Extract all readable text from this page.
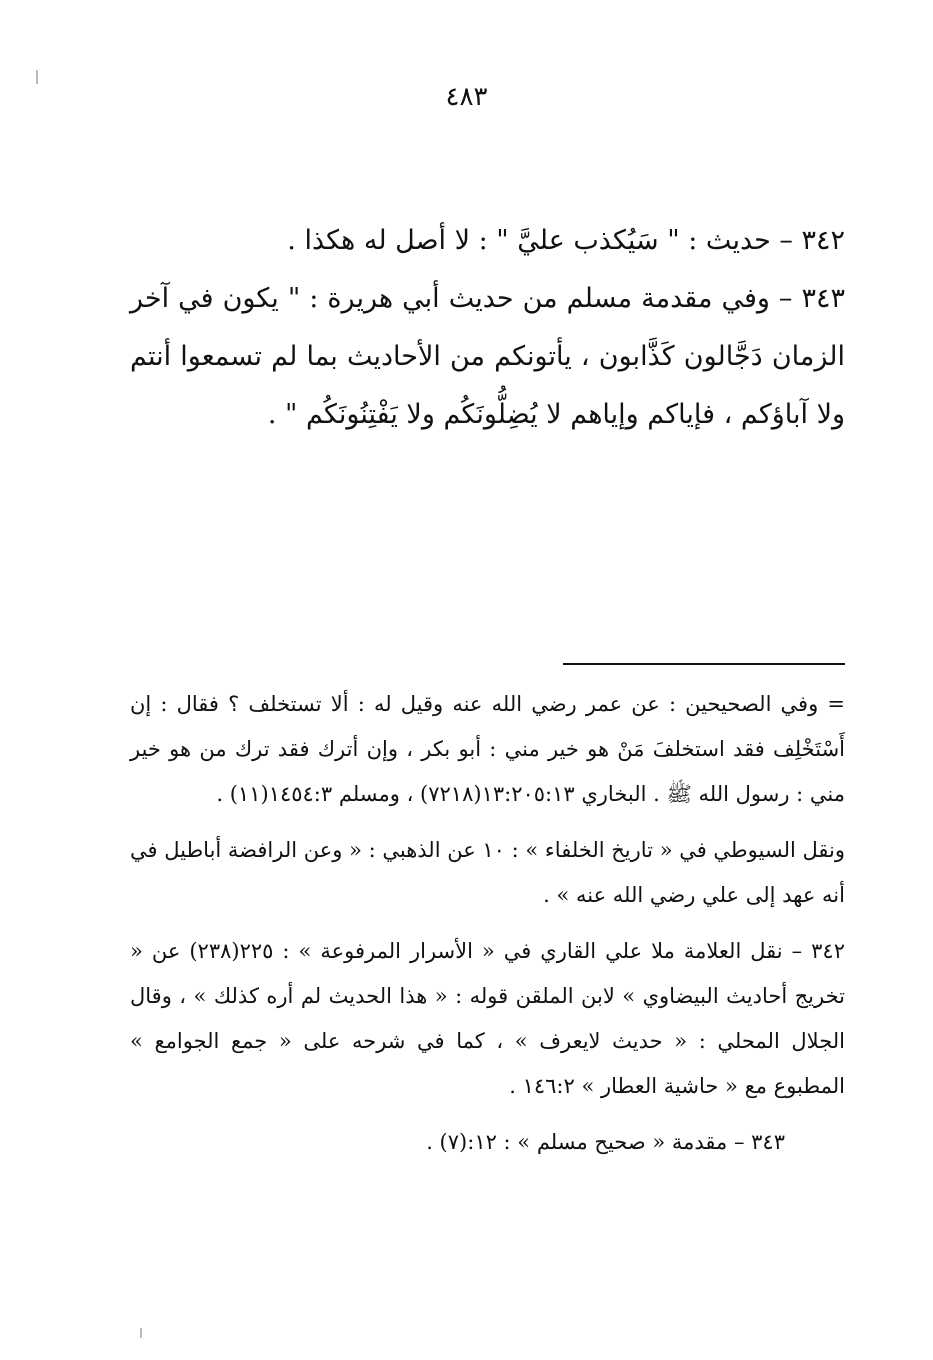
٤٨٣

٣٤٢ – حديث : " سَيُكذب عليَّ " : لا أصل له هكذا .

٣٤٣ – وفي مقدمة مسلم من حديث أبي هريرة : " يكون في آخر الزمان دَجَّالون كَذَّابون ، يأتونكم من الأحاديث بما لم تسمعوا أنتم ولا آباؤكم ، فإياكم وإياهم لا يُضِلُّونَكُم ولا يَفْتِنُونَكُم " .

= وفي الصحيحين : عن عمر رضي الله عنه وقيل له : ألا تستخلف ؟ فقال : إن أَسْتَخْلِف فقد استخلفَ مَنْ هو خير مني : أبو بكر ، وإن أترك فقد ترك من هو خير مني : رسول الله ﷺ . البخاري ١٣:٢٠٥:١٣(٧٢١٨) ، ومسلم ١٤٥٤:٣(١١) .

ونقل السيوطي في « تاريخ الخلفاء » : ١٠ عن الذهبي : « وعن الرافضة أباطيل في أنه عهد إلى علي رضي الله عنه » .

٣٤٢ – نقل العلامة ملا علي القاري في « الأسرار المرفوعة » : ٢٢٥(٢٣٨) عن « تخريج أحاديث البيضاوي » لابن الملقن قوله : « هذا الحديث لم أره كذلك » ، وقال الجلال المحلي : « حديث لايعرف » ، كما في شرحه على « جمع الجوامع » المطبوع مع « حاشية العطار » ١٤٦:٢ .

٣٤٣ – مقدمة « صحيح مسلم » : ١٢:(٧) .
